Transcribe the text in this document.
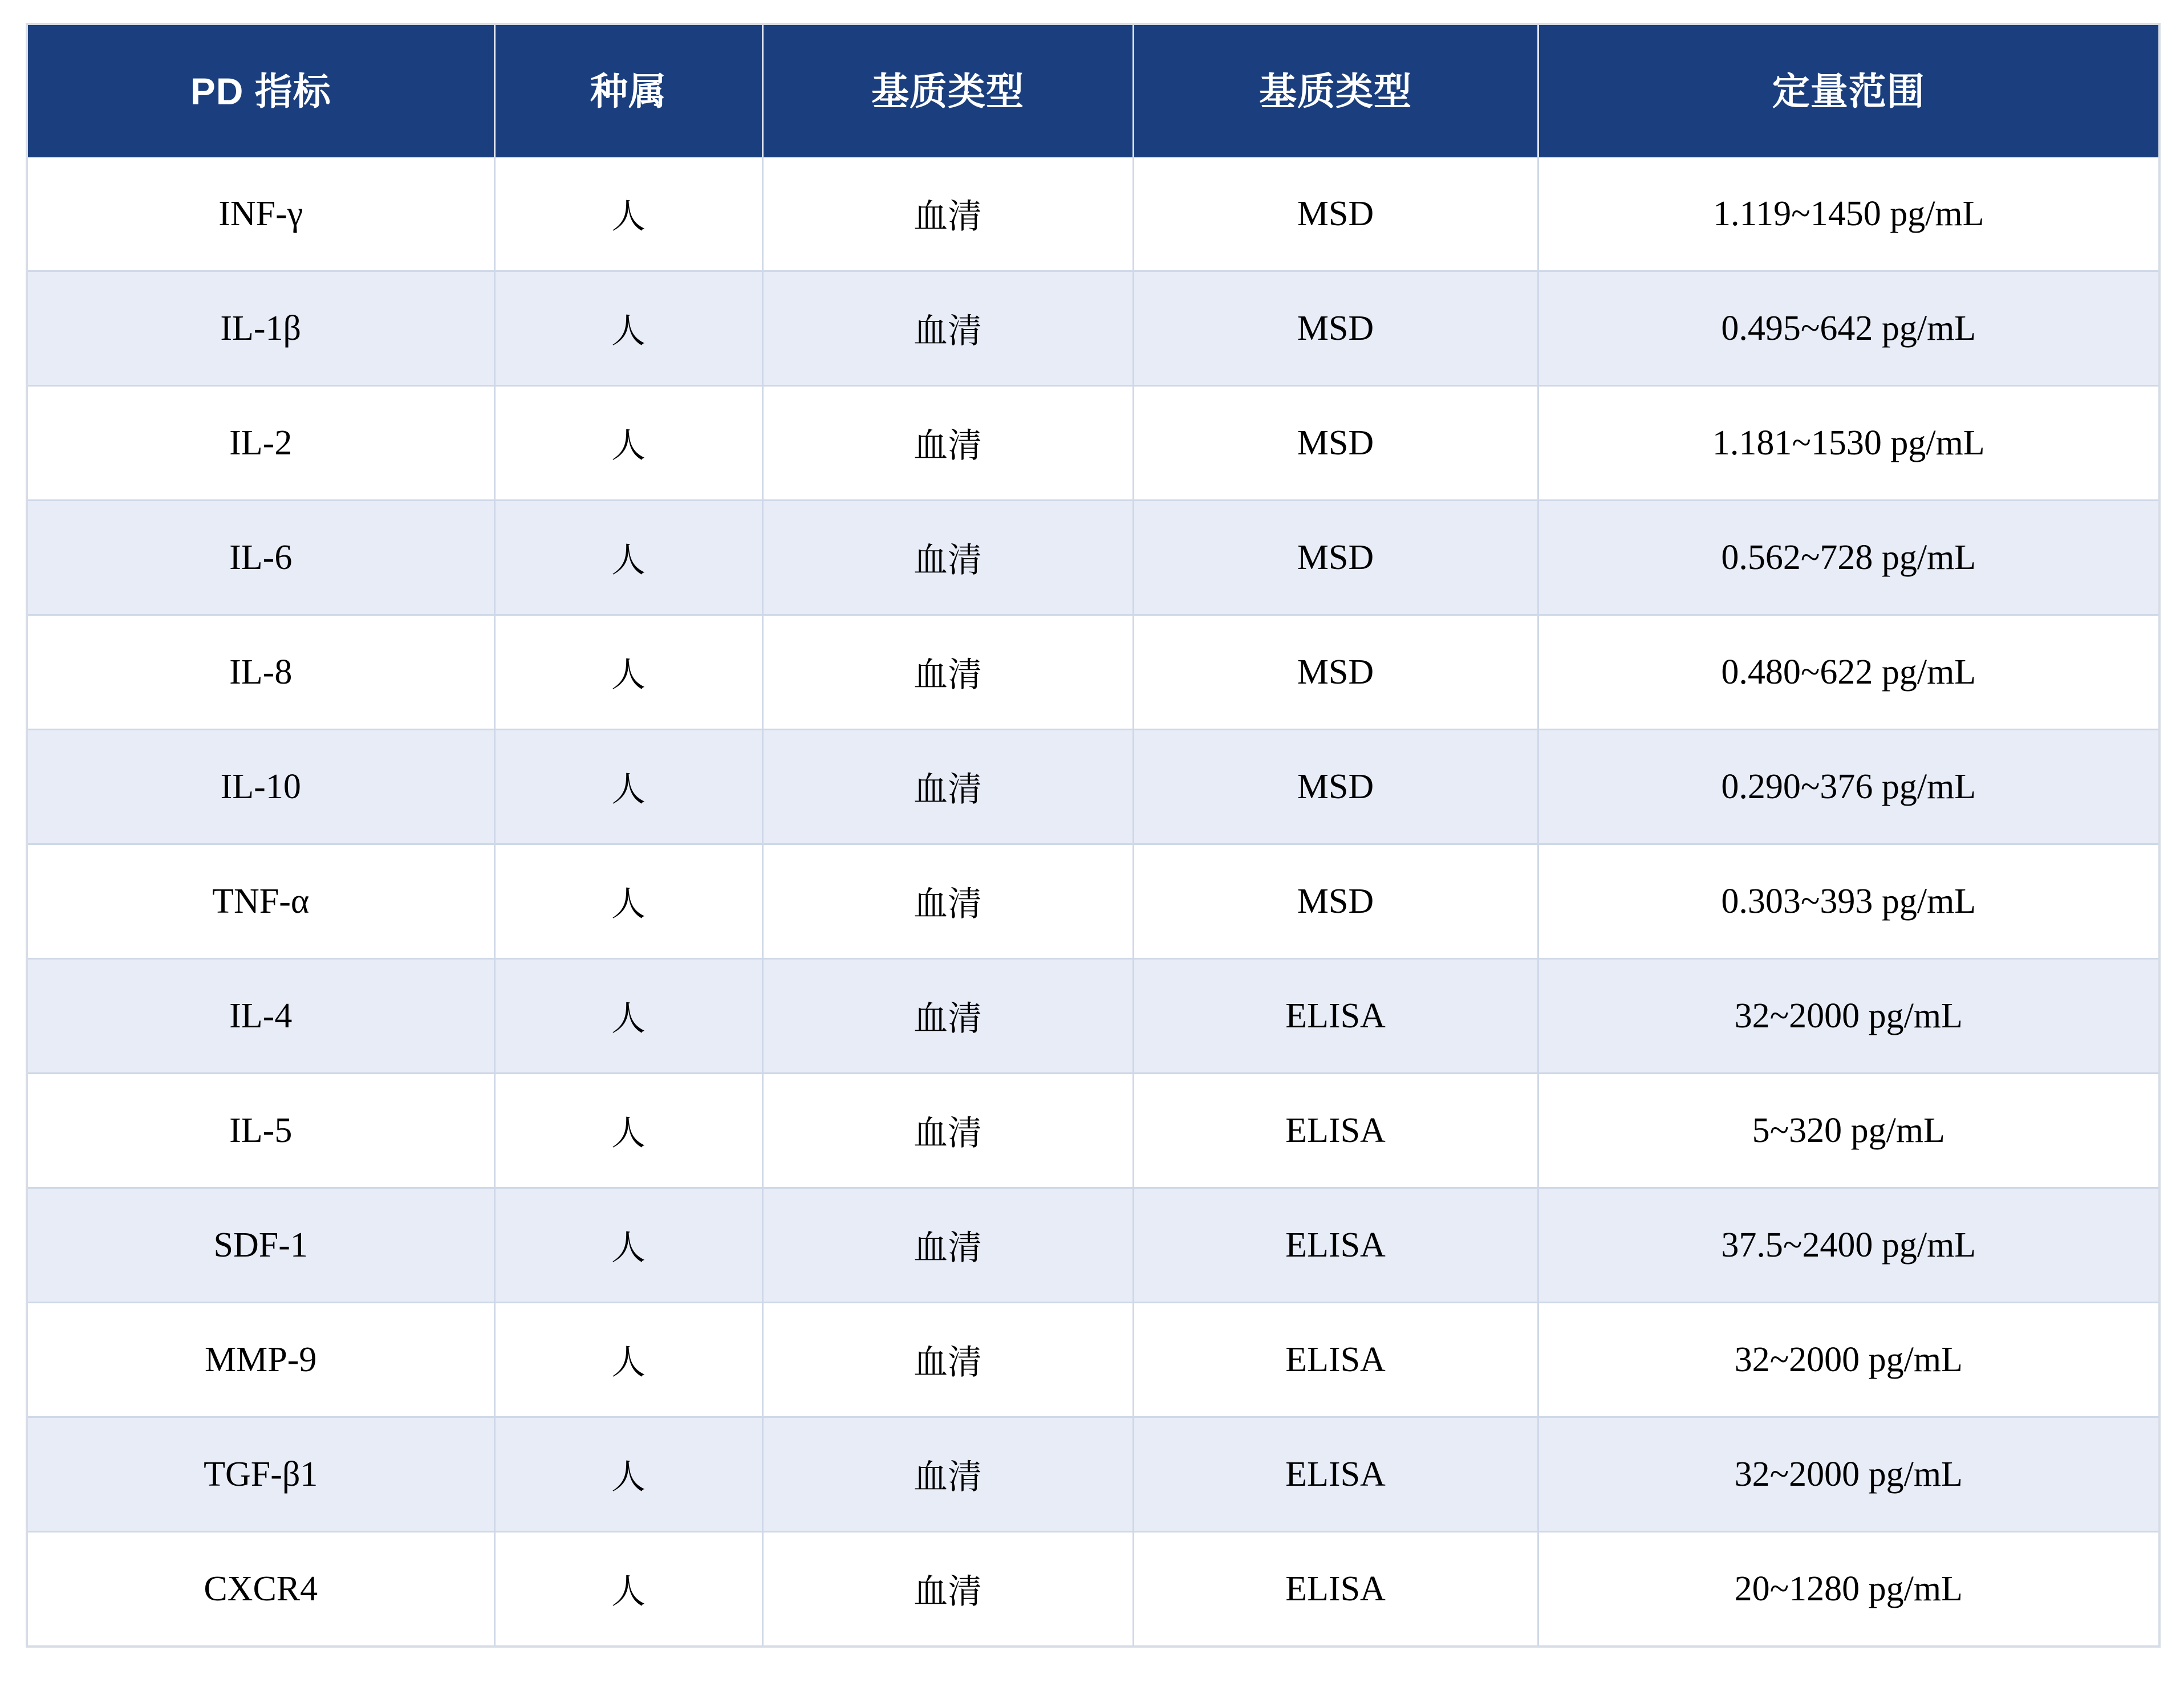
PD 指标	种属	基质类型	基质类型	定量范围
INF-γ	人	血清	MSD	1.119~1450 pg/mL
IL-1β	人	血清	MSD	0.495~642 pg/mL
IL-2	人	血清	MSD	1.181~1530 pg/mL
IL-6	人	血清	MSD	0.562~728 pg/mL
IL-8	人	血清	MSD	0.480~622 pg/mL
IL-10	人	血清	MSD	0.290~376 pg/mL
TNF-α	人	血清	MSD	0.303~393 pg/mL
IL-4	人	血清	ELISA	32~2000 pg/mL
IL-5	人	血清	ELISA	5~320 pg/mL
SDF-1	人	血清	ELISA	37.5~2400 pg/mL
MMP-9	人	血清	ELISA	32~2000 pg/mL
TGF-β1	人	血清	ELISA	32~2000 pg/mL
CXCR4	人	血清	ELISA	20~1280 pg/mL
